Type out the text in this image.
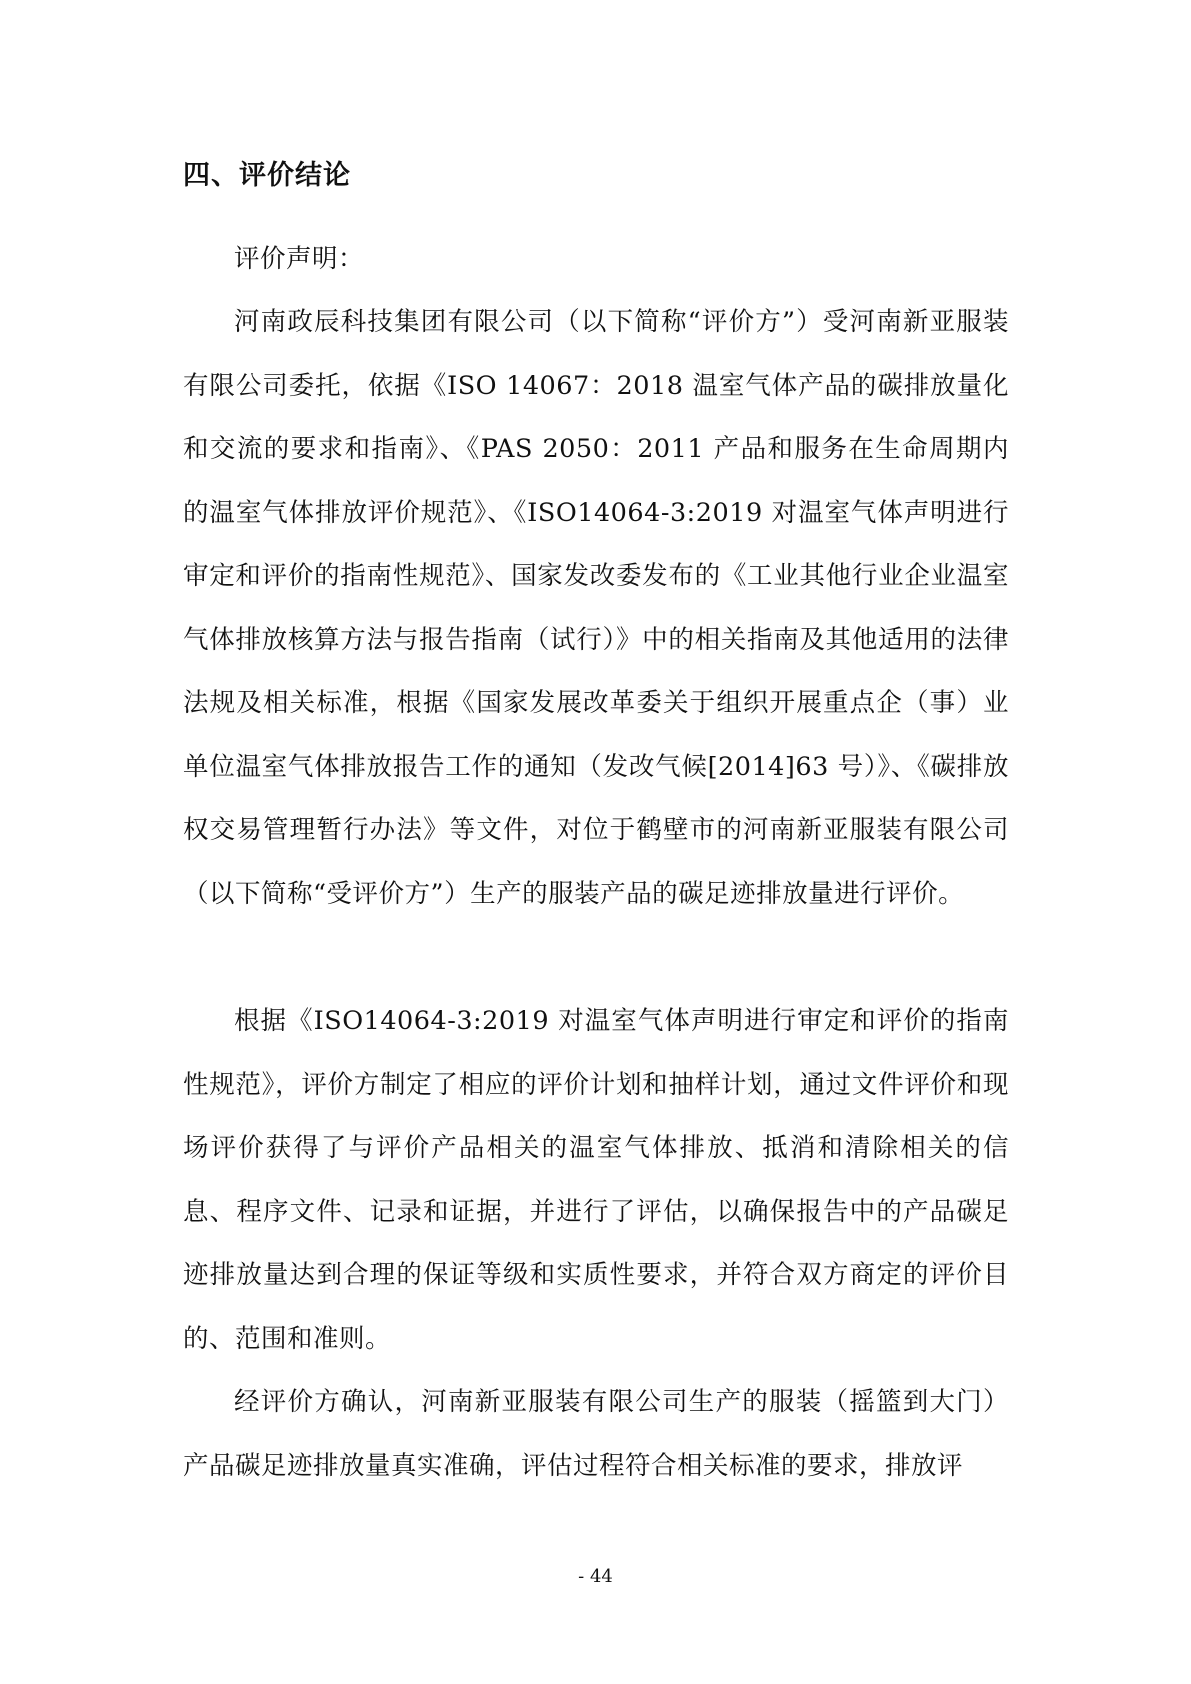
四、评价结论

评价声明：

河南政辰科技集团有限公司（以下简称“评价方”）受河南新亚服装有限公司委托，依据《ISO 14067：2018 温室气体产品的碳排放量化和交流的要求和指南》、《PAS 2050：2011 产品和服务在生命周期内的温室气体排放评价规范》、《ISO14064-3:2019 对温室气体声明进行审定和评价的指南性规范》、国家发改委发布的《工业其他行业企业温室气体排放核算方法与报告指南（试行）》中的相关指南及其他适用的法律法规及相关标准，根据《国家发展改革委关于组织开展重点企（事）业单位温室气体排放报告工作的通知（发改气候[2014]63 号）》、《碳排放权交易管理暂行办法》等文件，对位于鹤壁市的河南新亚服装有限公司（以下简称“受评价方”）生产的服装产品的碳足迹排放量进行评价。

根据《ISO14064-3:2019 对温室气体声明进行审定和评价的指南性规范》，评价方制定了相应的评价计划和抽样计划，通过文件评价和现场评价获得了与评价产品相关的温室气体排放、抵消和清除相关的信息、程序文件、记录和证据，并进行了评估，以确保报告中的产品碳足迹排放量达到合理的保证等级和实质性要求，并符合双方商定的评价目的、范围和准则。

经评价方确认，河南新亚服装有限公司生产的服装（摇篮到大门）产品碳足迹排放量真实准确，评估过程符合相关标准的要求，排放评

- 44
